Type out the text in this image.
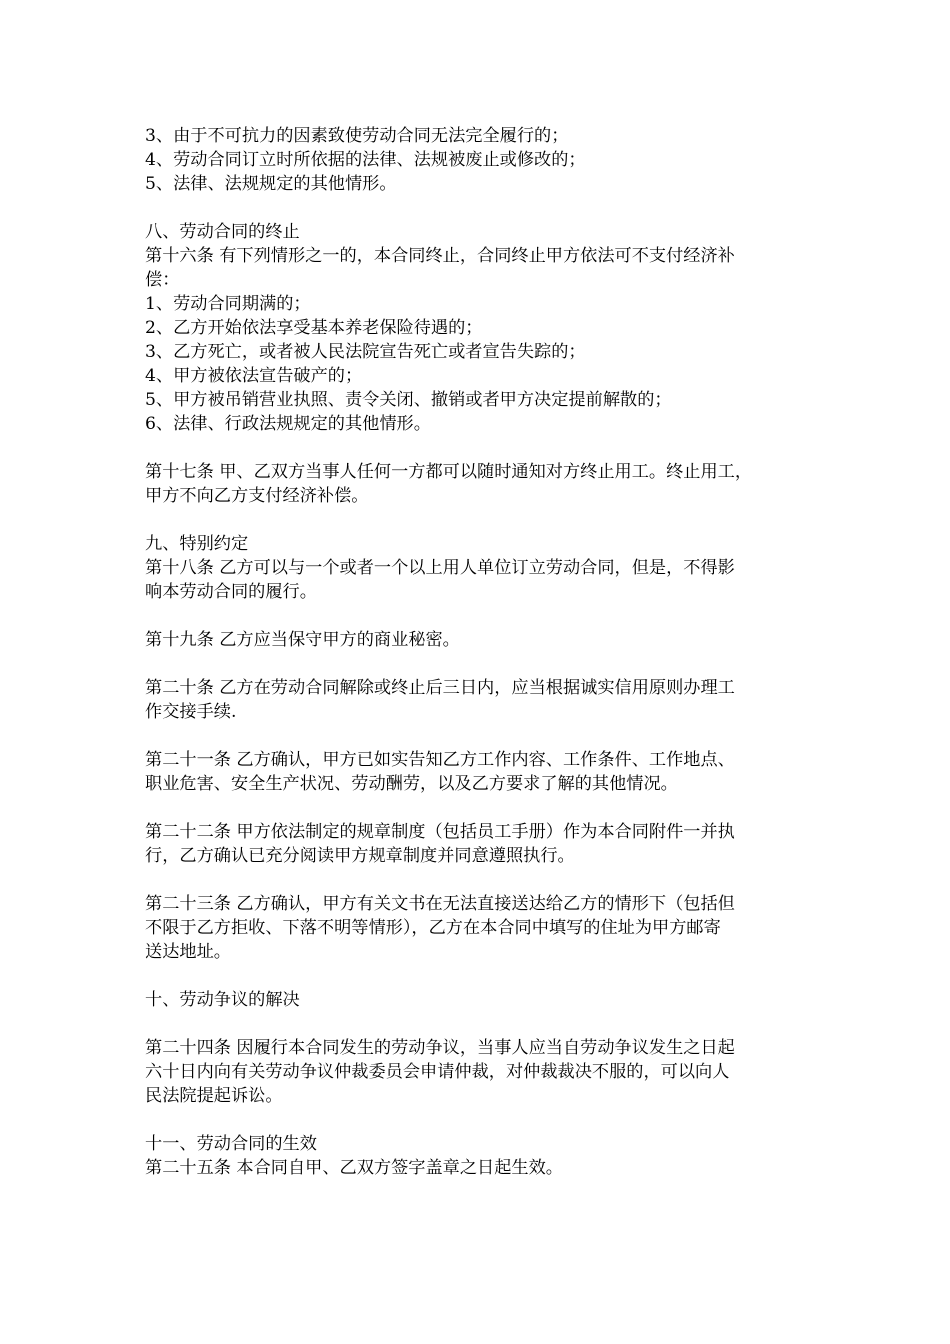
3、由于不可抗力的因素致使劳动合同无法完全履行的；
4、劳动合同订立时所依据的法律、法规被废止或修改的；
5、法律、法规规定的其他情形。
八、劳动合同的终止
第十六条 有下列情形之一的，本合同终止，合同终止甲方依法可不支付经济补
偿：
1、劳动合同期满的；
2、乙方开始依法享受基本养老保险待遇的；
3、乙方死亡，或者被人民法院宣告死亡或者宣告失踪的；
4、甲方被依法宣告破产的；
5、甲方被吊销营业执照、责令关闭、撤销或者甲方决定提前解散的；
6、法律、行政法规规定的其他情形。
第十七条 甲、乙双方当事人任何一方都可以随时通知对方终止用工。终止用工，
甲方不向乙方支付经济补偿。
九、特别约定
第十八条 乙方可以与一个或者一个以上用人单位订立劳动合同，但是，不得影
响本劳动合同的履行。
第十九条 乙方应当保守甲方的商业秘密。
第二十条 乙方在劳动合同解除或终止后三日内，应当根据诚实信用原则办理工
作交接手续.
第二十一条 乙方确认，甲方已如实告知乙方工作内容、工作条件、工作地点、
职业危害、安全生产状况、劳动酬劳，以及乙方要求了解的其他情况。
第二十二条 甲方依法制定的规章制度（包括员工手册）作为本合同附件一并执
行，乙方确认已充分阅读甲方规章制度并同意遵照执行。
第二十三条 乙方确认，甲方有关文书在无法直接送达给乙方的情形下（包括但
不限于乙方拒收、下落不明等情形），乙方在本合同中填写的住址为甲方邮寄
送达地址。
十、劳动争议的解决
第二十四条 因履行本合同发生的劳动争议，当事人应当自劳动争议发生之日起
六十日内向有关劳动争议仲裁委员会申请仲裁，对仲裁裁决不服的，可以向人
民法院提起诉讼。
十一、劳动合同的生效
第二十五条 本合同自甲、乙双方签字盖章之日起生效。
